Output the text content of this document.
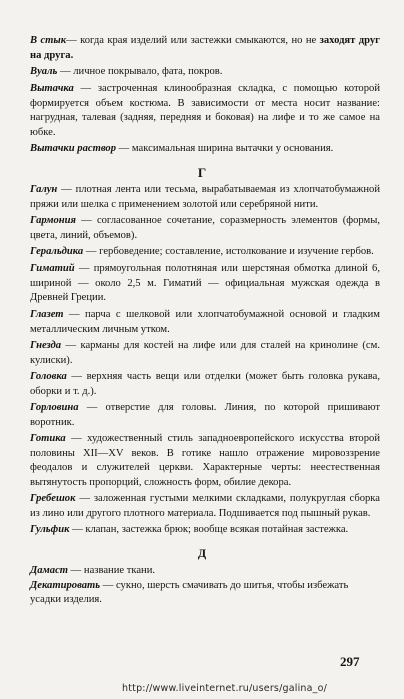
В стык— когда края изделий или застежки смыкаются, но не заходят друг на друга.
Вуаль — личное покрывало, фата, покров.
Вытачка — застроченная клинообразная складка, с помощью которой формируется объем костюма. В зависимости от места носит название: нагрудная, талевая (задняя, передняя и боковая) на лифе и то же самое на юбке.
Вытачки раствор — максимальная ширина вытачки у основания.
Г
Галун — плотная лента или тесьма, вырабатываемая из хлопчатобумажной пряжи или шелка с применением золотой или серебряной нити.
Гармония — согласованное сочетание, соразмерность элементов (формы, цвета, линий, объемов).
Геральдика — гербоведение; составление, истолкование и изучение гербов.
Гиматий — прямоугольная полотняная или шерстяная обмотка длиной 6, шириной — около 2,5 м. Гиматий — официальная мужская одежда в Древней Греции.
Глазет — парча с шелковой или хлопчатобумажной основой и гладким металлическим личным утком.
Гнезда — карманы для костей на лифе или для сталей на кринолине (см. кулиски).
Головка — верхняя часть вещи или отделки (может быть головка рукава, оборки и т. д.).
Горловина — отверстие для головы. Линия, по которой пришивают воротник.
Готика — художественный стиль западноевропейского искусства второй половины XII—XV веков. В готике нашло отражение мировоззрение феодалов и служителей церкви. Характерные черты: неестественная вытянутость пропорций, сложность форм, обилие декора.
Гребешок — заложенная густыми мелкими складками, полукруглая сборка из лино или другого плотного материала. Подшивается под пышный рукав.
Гульфик — клапан, застежка брюк; вообще всякая потайная застежка.
297
http://www.liveinternet.ru/users/galina_o/
Д
Дамаст — название ткани.
Декатировать — сукно, шерсть смачивать до шитья, чтобы избежать усадки изделия.
